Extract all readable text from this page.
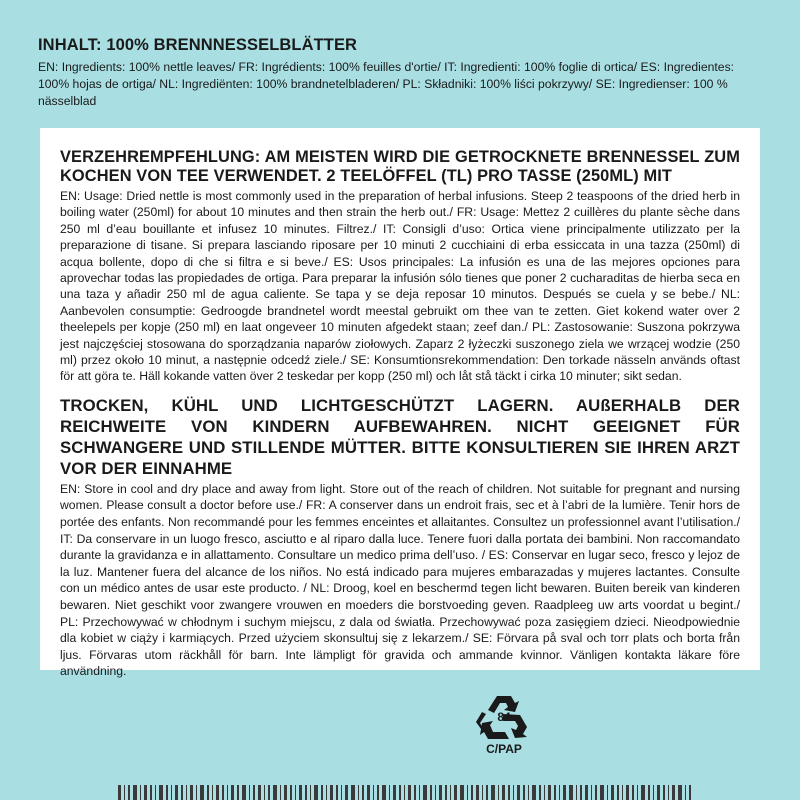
INHALT: 100% BRENNNESSELBLÄTTER

EN: Ingredients: 100% nettle leaves/ FR: Ingrédients: 100% feuilles d'ortie/ IT: Ingredienti: 100% foglie di ortica/ ES: Ingredientes: 100% hojas de ortiga/ NL: Ingrediënten: 100% brandnetelbladeren/ PL: Składniki: 100% liści pokrzywy/ SE: Ingredienser: 100 % nässelblad

VERZEHREMPFEHLUNG: AM MEISTEN WIRD DIE GETROCKNETE BRENNESSEL ZUM KOCHEN VON TEE VERWENDET. 2 TEELÖFFEL (TL) PRO TASSE (250ML) MIT

EN: Usage: Dried nettle is most commonly used in the preparation of herbal infusions. Steep 2 teaspoons of the dried herb in boiling water (250ml) for about 10 minutes and then strain the herb out./ FR: Usage: Mettez 2 cuillères du plante sèche dans 250 ml d’eau bouillante et infusez 10 minutes. Filtrez./ IT: Consigli d’uso: Ortica viene principalmente utilizzato per la preparazione di tisane. Si prepara lasciando riposare per 10 minuti 2 cucchiaini di erba essiccata in una tazza (250ml) di acqua bollente, dopo di che si filtra e si beve./ ES: Usos principales: La infusión es una de las mejores opciones para aprovechar todas las propiedades de ortiga. Para preparar la infusión sólo tienes que poner 2 cucharaditas de hierba seca en una taza y añadir 250 ml de agua caliente. Se tapa y se deja reposar 10 minutos. Después se cuela y se bebe./ NL: Aanbevolen consumptie: Gedroogde brandnetel wordt meestal gebruikt om thee van te zetten. Giet kokend water over 2 theelepels per kopje (250 ml) en laat ongeveer 10 minuten afgedekt staan; zeef dan./ PL: Zastosowanie: Suszona pokrzywa jest najczęściej stosowana do sporządzania naparów ziołowych. Zaparz 2 łyżeczki suszonego ziela we wrzącej wodzie (250 ml) przez około 10 minut, a następnie odcedź ziele./ SE: Konsumtionsrekommendation: Den torkade nässeln används oftast för att göra te. Häll kokande vatten över 2 teskedar per kopp (250 ml) och låt stå täckt i cirka 10 minuter; sikt sedan.

TROCKEN, KÜHL UND LICHTGESCHÜTZT LAGERN. AUßERHALB DER REICHWEITE VON KINDERN AUFBEWAHREN. NICHT GEEIGNET FÜR SCHWANGERE UND STILLENDE MÜTTER. BITTE KONSULTIEREN SIE IHREN ARZT VOR DER EINNAHME

EN: Store in cool and dry place and away from light. Store out of the reach of children. Not suitable for pregnant and nursing women. Please consult a doctor before use./ FR: A conserver dans un endroit frais, sec et à l’abri de la lumière. Tenir hors de portée des enfants. Non recommandé pour les femmes enceintes et allaitantes. Consultez un professionnel avant l’utilisation./ IT: Da conservare in un luogo fresco, asciutto e al riparo dalla luce. Tenere fuori dalla portata dei bambini. Non raccomandato durante la gravidanza e in allattamento. Consultare un medico prima dell’uso. / ES: Conservar en lugar seco, fresco y lejoz de la luz. Mantener fuera del alcance de los niños. No está indicado para mujeres embarazadas y mujeres lactantes. Consulte con un médico antes de usar este producto. / NL: Droog, koel en beschermd tegen licht bewaren. Buiten bereik van kinderen bewaren. Niet geschikt voor zwangere vrouwen en moeders die borstvoeding geven. Raadpleeg uw arts voordat u begint./ PL: Przechowywać w chłodnym i suchym miejscu, z dala od światła. Przechowywać poza zasięgiem dzieci. Nieodpowiednie dla kobiet w ciąży i karmiących. Przed użyciem skonsultuj się z lekarzem./ SE: Förvara på sval och torr plats och borta från ljus. Förvaras utom räckhåll för barn. Inte lämpligt för gravida och ammande kvinnor. Vänligen kontakta läkare före användning.

84
C/PAP
